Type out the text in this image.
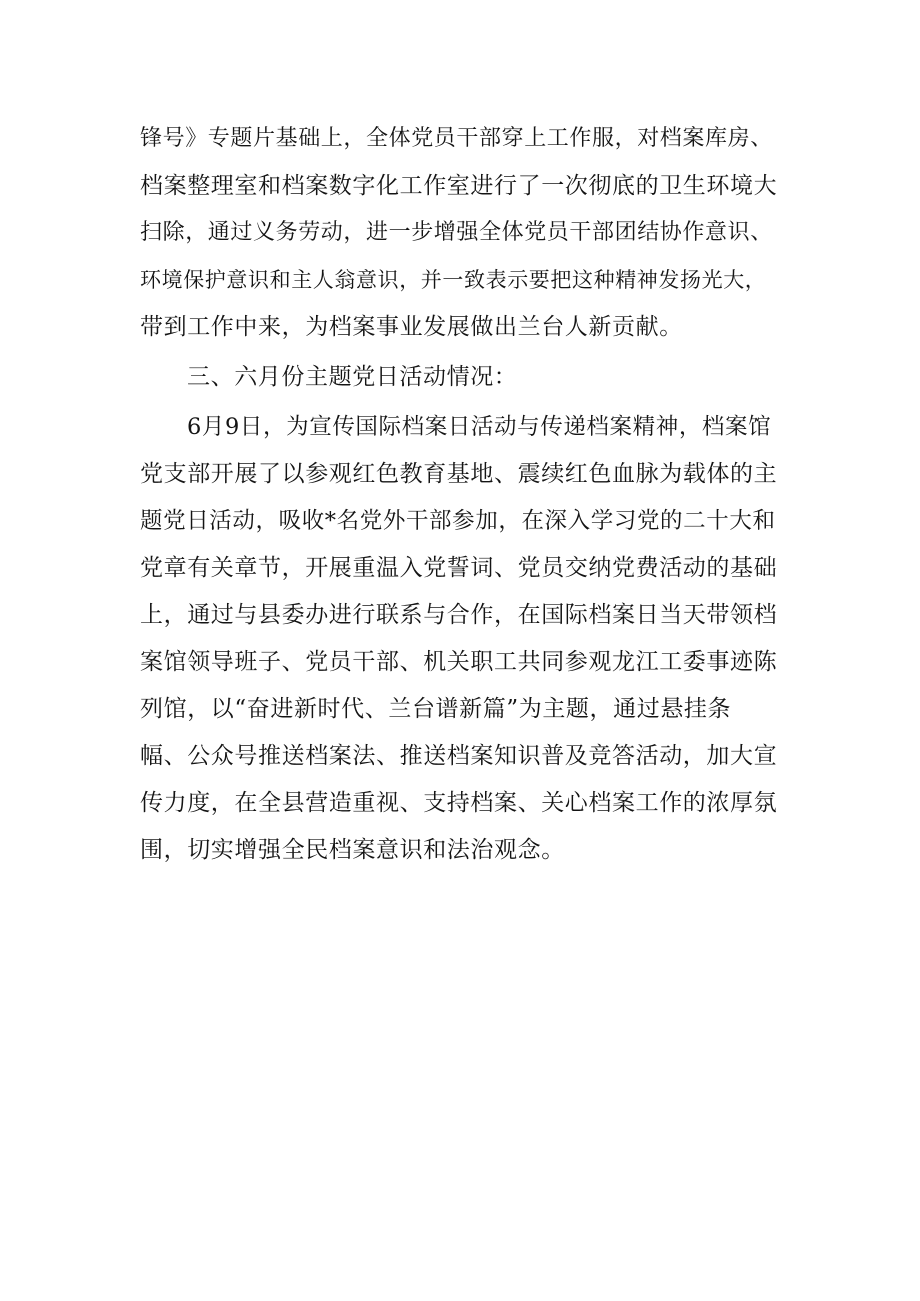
锋号》专题片基础上，全体党员干部穿上工作服，对档案库房、
档案整理室和档案数字化工作室进行了一次彻底的卫生环境大
扫除，通过义务劳动，进一步增强全体党员干部团结协作意识、
环境保护意识和主人翁意识，并一致表示要把这种精神发扬光大，
带到工作中来，为档案事业发展做出兰台人新贡献。
三、六月份主题党日活动情况：
6月9日，为宣传国际档案日活动与传递档案精神，档案馆
党支部开展了以参观红色教育基地、震续红色血脉为载体的主
题党日活动，吸收*名党外干部参加，在深入学习党的二十大和
党章有关章节，开展重温入党誓词、党员交纳党费活动的基础
上，通过与县委办进行联系与合作，在国际档案日当天带领档
案馆领导班子、党员干部、机关职工共同参观龙江工委事迹陈
列馆，以“奋进新时代、兰台谱新篇”为主题，通过悬挂条
幅、公众号推送档案法、推送档案知识普及竞答活动，加大宣
传力度，在全县营造重视、支持档案、关心档案工作的浓厚氛
围，切实增强全民档案意识和法治观念。
